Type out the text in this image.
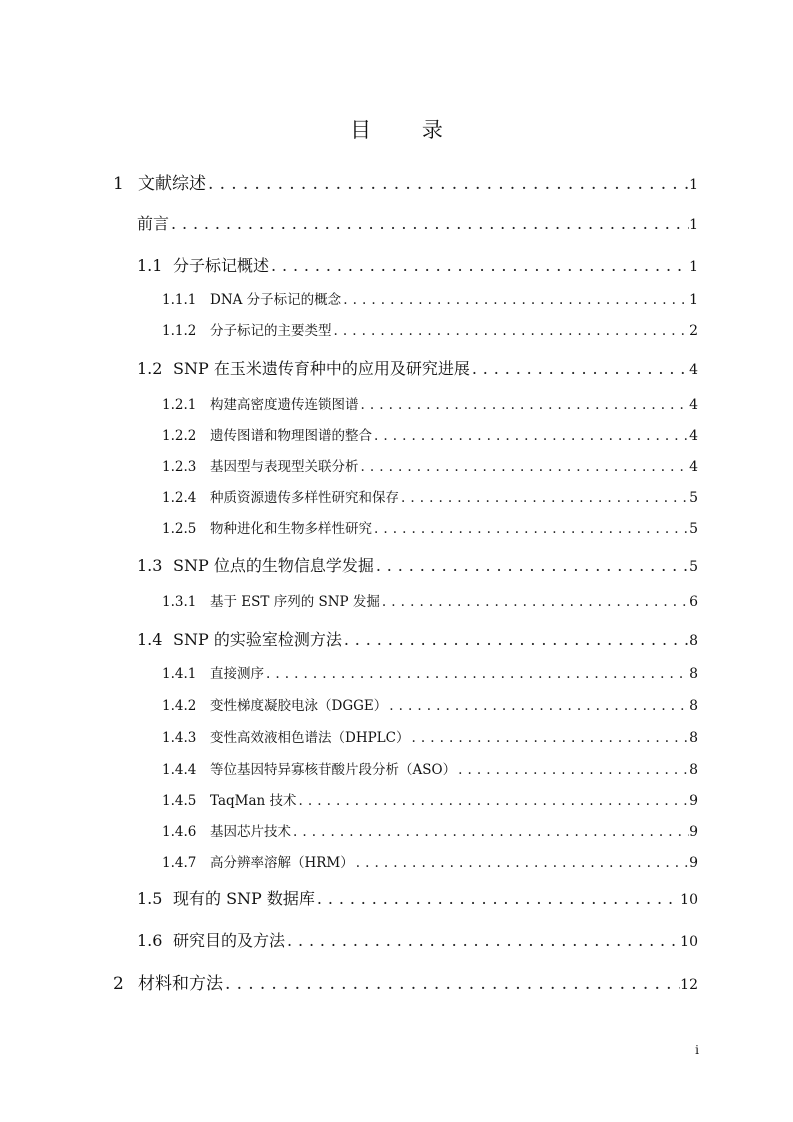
目 录
1 文献综述 . . .	1
前言 . . .	1
1.1 分子标记概述 . . .	1
1.1.1	DNA 分子标记的概念 . . .	1
1.1.2	分子标记的主要类型 . . .	2
1.2 SNP 在玉米遗传育种中的应用及研究进展 . . .	4
1.2.1	构建高密度遗传连锁图谱 . . .	4
1.2.2	遗传图谱和物理图谱的整合 . . .	4
1.2.3	基因型与表现型关联分析 . . .	4
1.2.4	种质资源遗传多样性研究和保存 . . .	5
1.2.5	物种进化和生物多样性研究 . . .	5
1.3 SNP 位点的生物信息学发掘 . . .	5
1.3.1	基于 EST 序列的 SNP 发掘 . . .	6
1.4 SNP 的实验室检测方法 . . .	8
1.4.1	直接测序 . . .	8
1.4.2	变性梯度凝胶电泳（DGGE） . . .	8
1.4.3	变性高效液相色谱法（DHPLC） . . .	8
1.4.4	等位基因特异寡核苷酸片段分析（ASO） . . .	8
1.4.5	TaqMan 技术 . . .	9
1.4.6	基因芯片技术 . . .	9
1.4.7	高分辨率溶解（HRM） . . .	9
1.5 现有的 SNP 数据库 . . .	10
1.6 研究目的及方法 . . .	10
2 材料和方法 . . .	12
i
